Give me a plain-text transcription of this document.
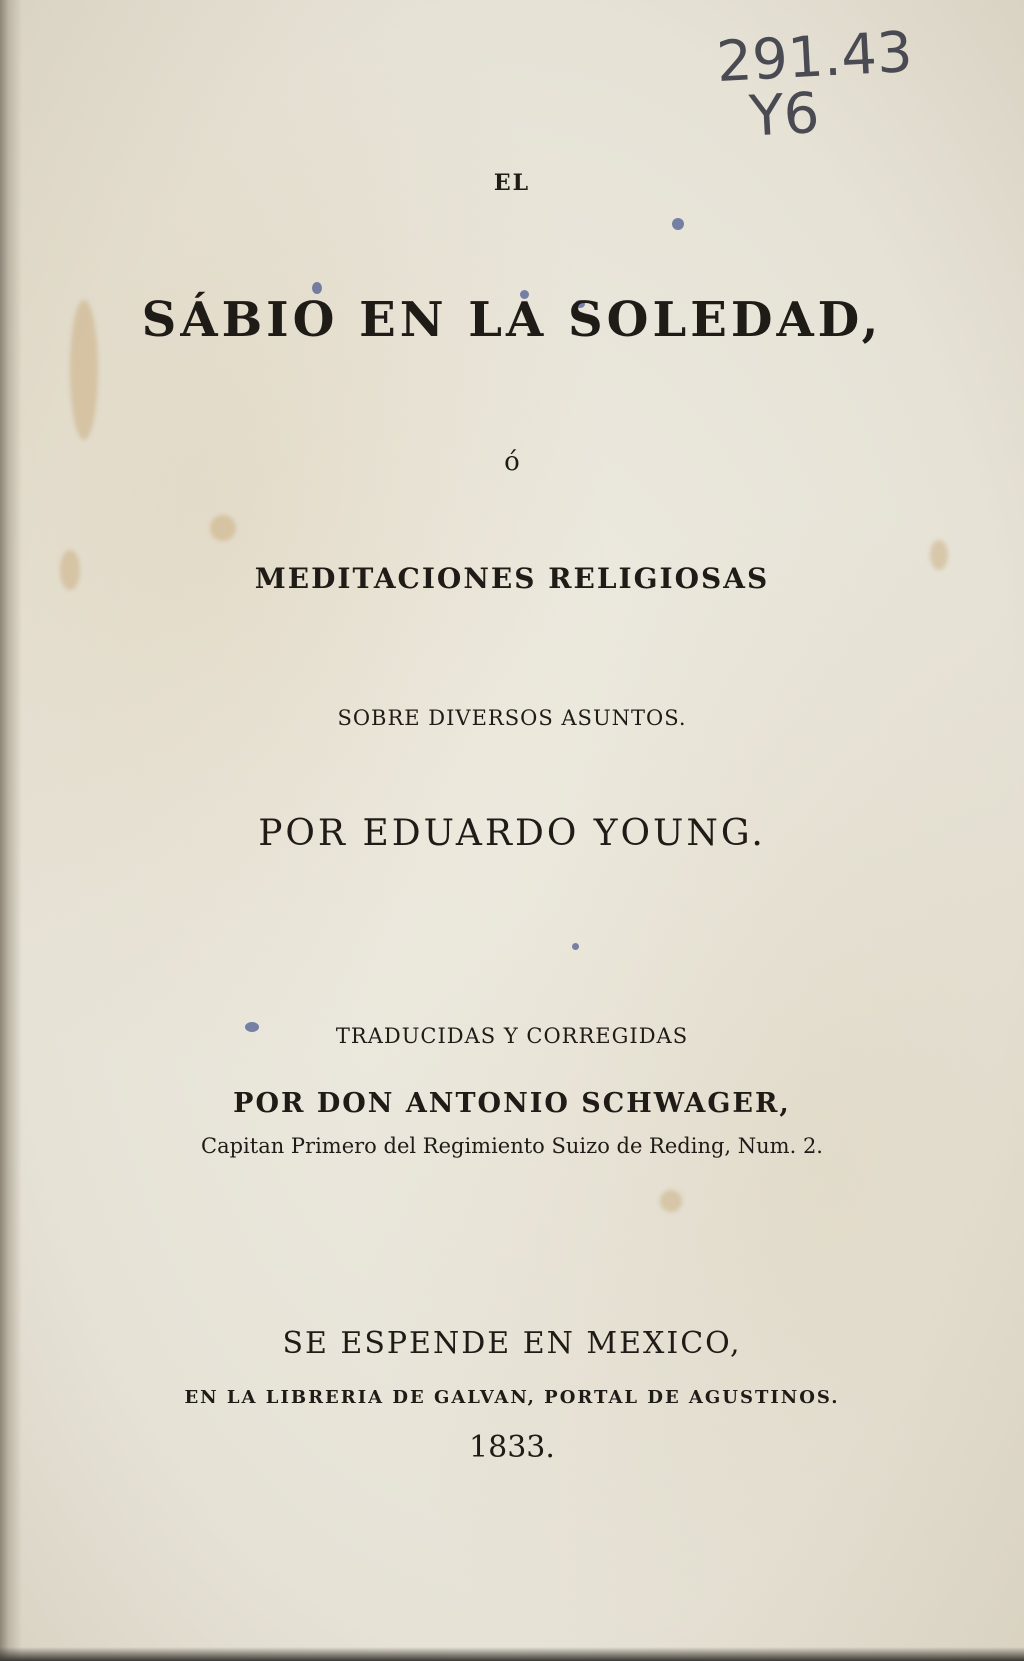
291.43
Y6
EL
SÁBIO EN LA SOLEDAD,
ó
MEDITACIONES RELIGIOSAS
SOBRE DIVERSOS ASUNTOS.
POR EDUARDO YOUNG.
TRADUCIDAS Y CORREGIDAS
POR DON ANTONIO SCHWAGER,
Capitan Primero del Regimiento Suizo de Reding, Num. 2.
SE ESPENDE EN MEXICO,
EN LA LIBRERIA DE GALVAN, PORTAL DE AGUSTINOS.
1833.
